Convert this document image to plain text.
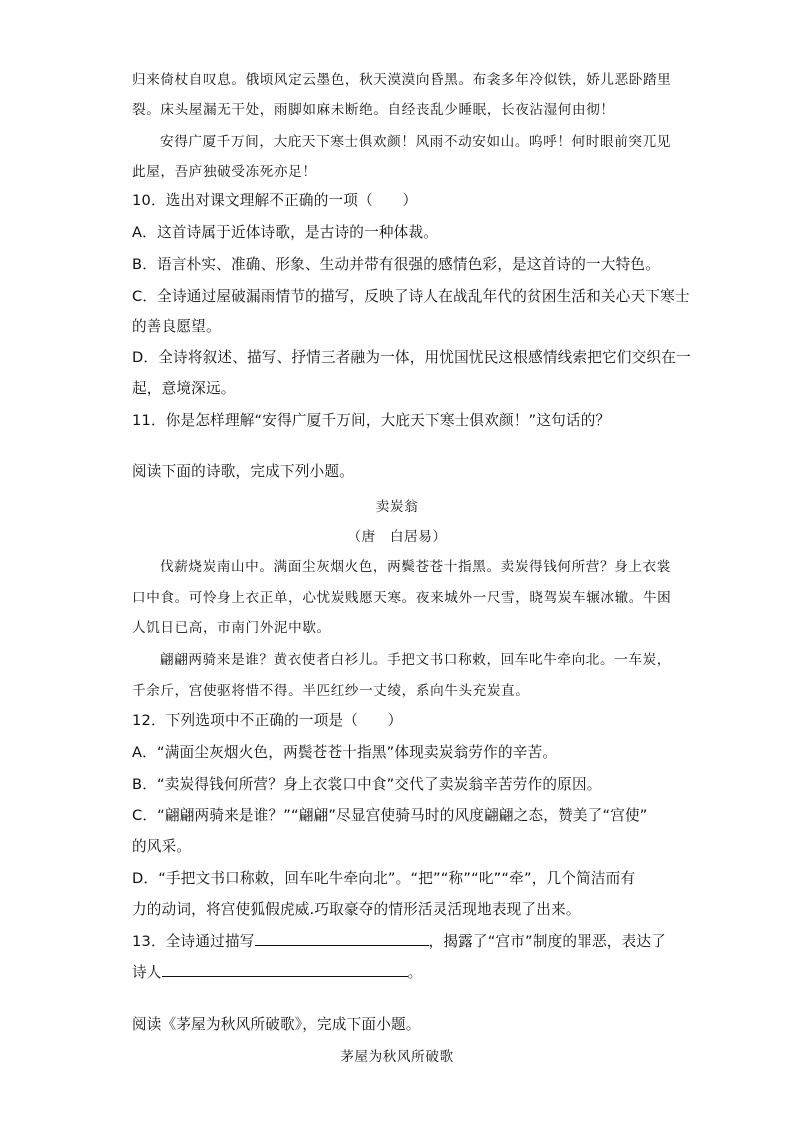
归来倚杖自叹息。俄顷风定云墨色，秋天漠漠向昏黑。布衾多年冷似铁，娇儿恶卧踏里

裂。床头屋漏无干处，雨脚如麻未断绝。自经丧乱少睡眠，长夜沾湿何由彻！

安得广厦千万间，大庇天下寒士俱欢颜！风雨不动安如山。呜呼！何时眼前突兀见

此屋，吾庐独破受冻死亦足！

10．选出对课文理解不正确的一项（　　）

A．这首诗属于近体诗歌，是古诗的一种体裁。

B．语言朴实、准确、形象、生动并带有很强的感情色彩，是这首诗的一大特色。

C．全诗通过屋破漏雨情节的描写，反映了诗人在战乱年代的贫困生活和关心天下寒士

的善良愿望。

D．全诗将叙述、描写、抒情三者融为一体，用忧国忧民这根感情线索把它们交织在一

起，意境深远。

11．你是怎样理解“安得广厦千万间，大庇天下寒士俱欢颜！”这句话的？

阅读下面的诗歌，完成下列小题。

卖炭翁

（唐　白居易）

伐薪烧炭南山中。满面尘灰烟火色，两鬓苍苍十指黑。卖炭得钱何所营？身上衣裳

口中食。可怜身上衣正单，心忧炭贱愿天寒。夜来城外一尺雪，晓驾炭车辗冰辙。牛困

人饥日已高，市南门外泥中歇。

翩翩两骑来是谁？黄衣使者白衫儿。手把文书口称敕，回车叱牛牵向北。一车炭，

千余斤，宫使驱将惜不得。半匹红纱一丈绫，系向牛头充炭直。

12．下列选项中不正确的一项是（　　）

A．“满面尘灰烟火色，两鬓苍苍十指黑”体现卖炭翁劳作的辛苦。

B．“卖炭得钱何所营？身上衣裳口中食”交代了卖炭翁辛苦劳作的原因。

C．“翩翩两骑来是谁？”“翩翩”尽显宫使骑马时的风度翩翩之态，赞美了“宫使”

的风采。

D．“手把文书口称敕，回车叱牛牵向北”。“把”“称”“叱”“牵”，几个简洁而有

力的动词，将宫使狐假虎威.巧取豪夺的情形活灵活现地表现了出来。

13．全诗通过描写	，揭露了“宫市”制度的罪恶，表达了

诗人	。

阅读《茅屋为秋风所破歌》，完成下面小题。

茅屋为秋风所破歌
